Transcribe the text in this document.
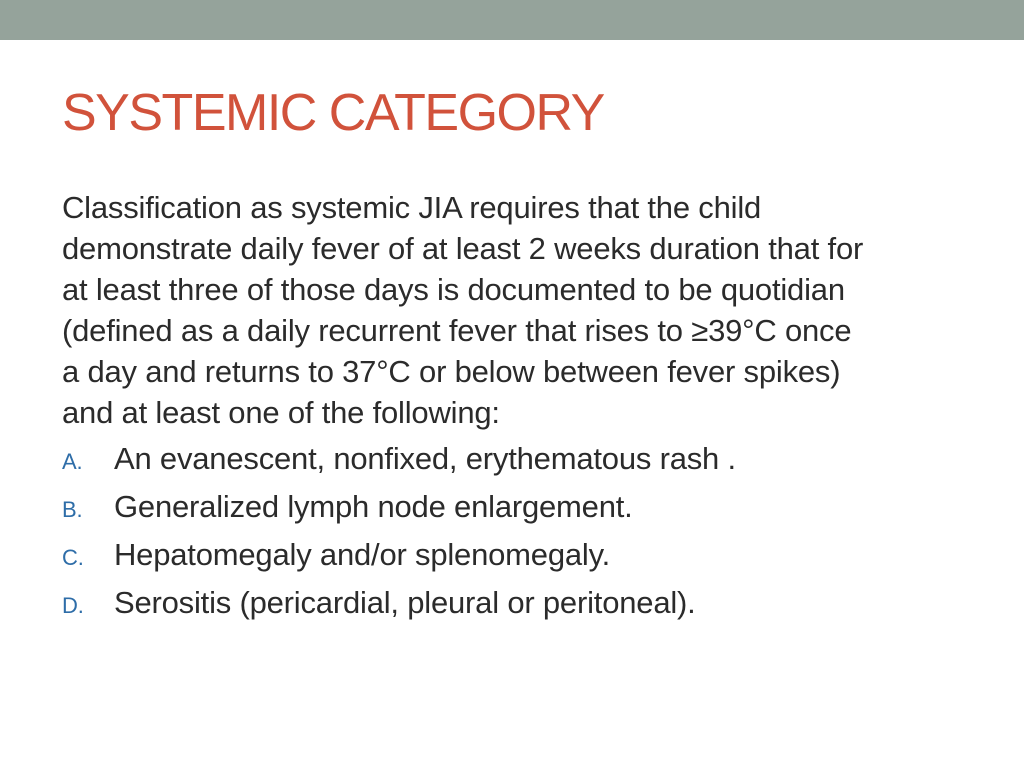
SYSTEMIC CATEGORY

Classification as systemic JIA requires that the child
demonstrate daily fever of at least 2 weeks duration that for
at least three of those days is documented to be quotidian
(defined as a daily recurrent fever that rises to ≥39°C once
a day and returns to 37°C or below between fever spikes)
and at least one of the following:

A.	An evanescent, nonfixed, erythematous rash .
B.	Generalized lymph node enlargement.
C. Hepatomegaly and/or splenomegaly.
D. Serositis (pericardial, pleural or peritoneal).
